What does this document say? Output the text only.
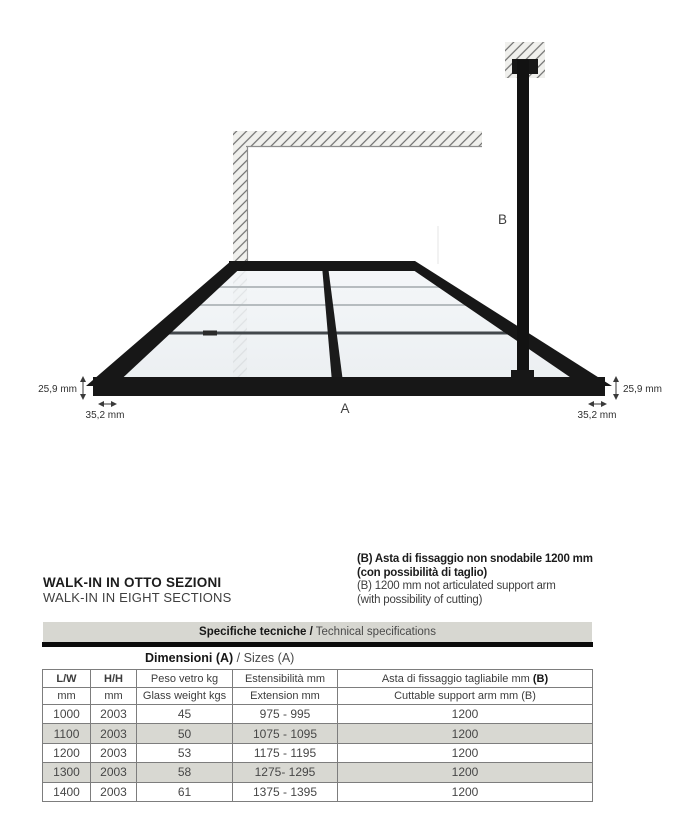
25,9 mm
35,2 mm
25,9 mm
35,2 mm
A
B
WALK-IN IN OTTO SEZIONI
WALK-IN IN EIGHT SECTIONS
(B) Asta di fissaggio non snodabile 1200 mm
(con possibilità di taglio)
(B) 1200 mm not articulated support arm
(with possibility of cutting)
Specifiche tecniche / Technical specifications
Dimensioni (A) / Sizes (A)
L/W	H/H	Peso vetro kg	Estensibilità mm	Asta di fissaggio tagliabile mm (B)
mm	mm	Glass weight kgs	Extension mm	Cuttable support arm mm (B)
1000	2003	45	975 - 995	1200
1100	2003	50	1075 - 1095	1200
1200	2003	53	1175 - 1195	1200
1300	2003	58	1275- 1295	1200
1400	2003	61	1375 - 1395	1200
